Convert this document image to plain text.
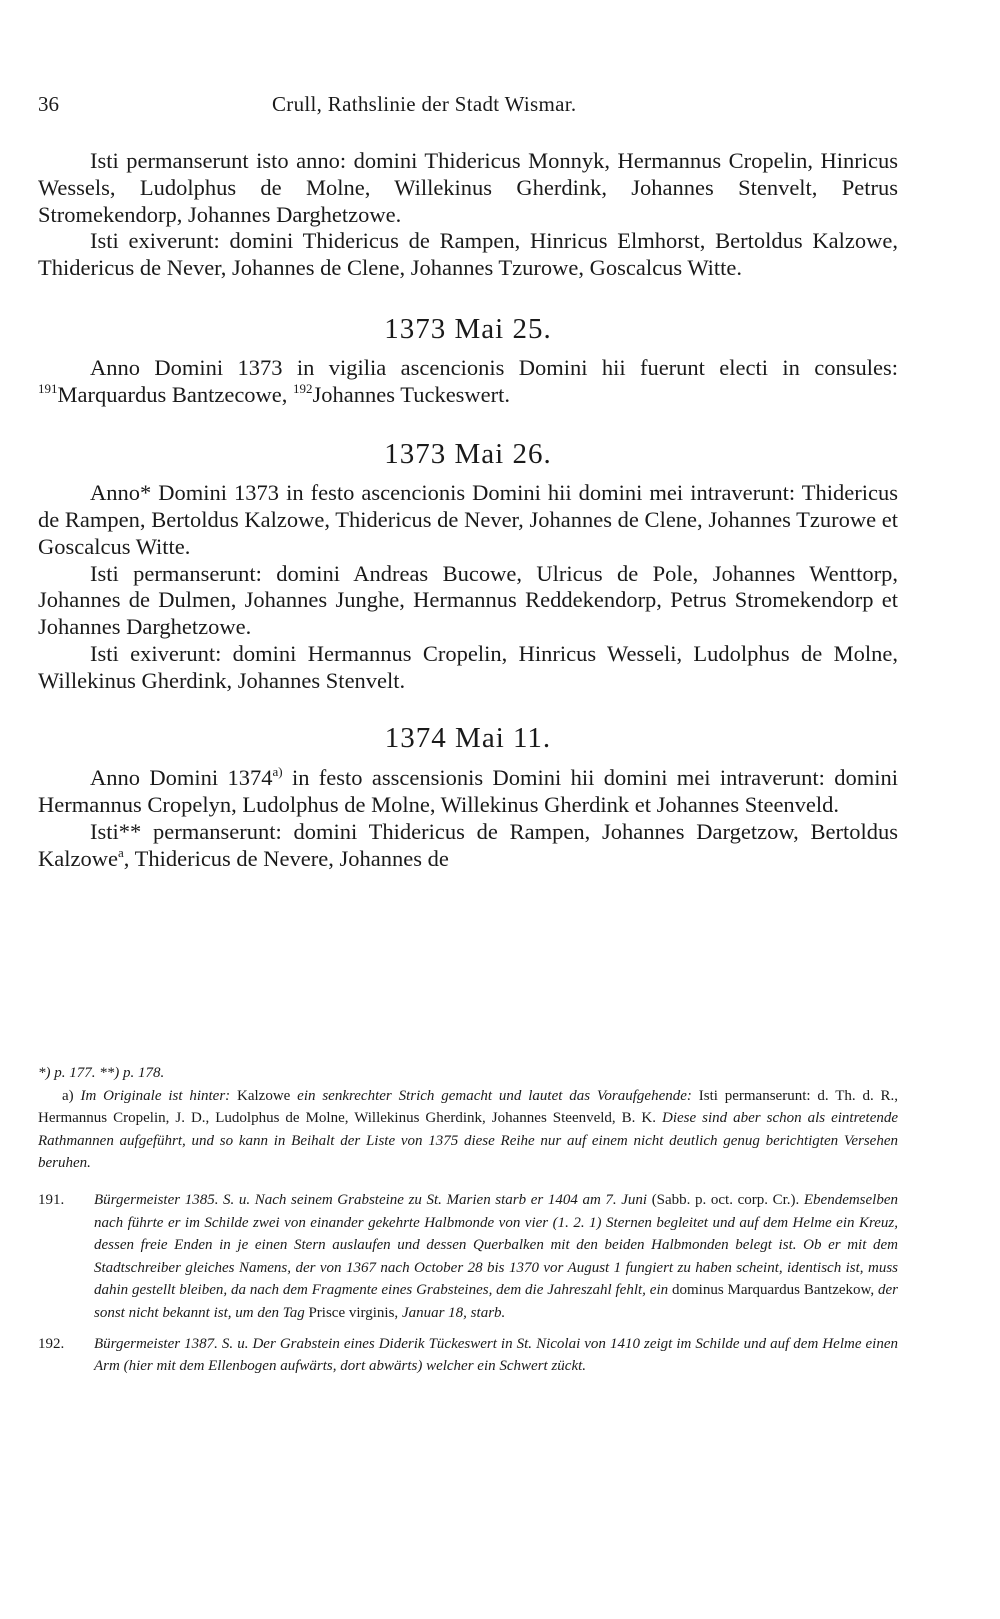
36	Crull, Rathslinie der Stadt Wismar.

Isti permanserunt isto anno: domini Thidericus Monnyk, Hermannus Cropelin, Hinricus Wessels, Ludolphus de Molne, Willekinus Gherdink, Johannes Stenvelt, Petrus Stromekendorp, Johannes Darghetzowe.

Isti exiverunt: domini Thidericus de Rampen, Hinricus Elmhorst, Bertoldus Kalzowe, Thidericus de Never, Johannes de Clene, Johannes Tzurowe, Goscalcus Witte.

1373 Mai 25.

Anno Domini 1373 in vigilia ascencionis Domini hii fuerunt electi in consules: $^{191}$Marquardus Bantzecowe, $^{192}$Johannes Tuckeswert.

1373 Mai 26.

Anno* Domini 1373 in festo ascencionis Domini hii domini mei intraverunt: Thidericus de Rampen, Bertoldus Kalzowe, Thidericus de Never, Johannes de Clene, Johannes Tzurowe et Goscalcus Witte.

Isti permanserunt: domini Andreas Bucowe, Ulricus de Pole, Johannes Wenttorp, Johannes de Dulmen, Johannes Junghe, Hermannus Reddekendorp, Petrus Stromekendorp et Johannes Darghetzowe.

Isti exiverunt: domini Hermannus Cropelin, Hinricus Wesseli, Ludolphus de Molne, Willekinus Gherdink, Johannes Stenvelt.

1374 Mai 11.

Anno Domini 1374$^{a)}$ in festo asscensionis Domini hii domini mei intraverunt: domini Hermannus Cropelyn, Ludolphus de Molne, Willekinus Gherdink et Johannes Steenveld.

Isti** permanserunt: domini Thidericus de Rampen, Johannes Dargetzow, Bertoldus Kalzowe$^a$, Thidericus de Nevere, Johannes de

*) p. 177. **) p. 178.

a) Im Originale ist hinter: Kalzowe ein senkrechter Strich gemacht und lautet das Voraufgehende: Isti permanserunt: d. Th. d. R., Hermannus Cropelin, J. D., Ludolphus de Molne, Willekinus Gherdink, Johannes Steenveld, B. K. Diese sind aber schon als eintretende Rathmannen aufgeführt, und so kann in Beihalt der Liste von 1375 diese Reihe nur auf einem nicht deutlich genug berichtigten Versehen beruhen.

191. Bürgermeister 1385. S. u. Nach seinem Grabsteine zu St. Marien starb er 1404 am 7. Juni (Sabb. p. oct. corp. Cr.). Ebendemselben nach führte er im Schilde zwei von einander gekehrte Halbmonde von vier (1. 2. 1) Sternen begleitet und auf dem Helme ein Kreuz, dessen freie Enden in je einen Stern auslaufen und dessen Querbalken mit den beiden Halbmonden belegt ist. Ob er mit dem Stadtschreiber gleiches Namens, der von 1367 nach October 28 bis 1370 vor August 1 fungiert zu haben scheint, identisch ist, muss dahin gestellt bleiben, da nach dem Fragmente eines Grabsteines, dem die Jahreszahl fehlt, ein dominus Marquardus Bantzekow, der sonst nicht bekannt ist, um den Tag Prisce virginis, Januar 18, starb.

192. Bürgermeister 1387. S. u. Der Grabstein eines Diderik Tückeswert in St. Nicolai von 1410 zeigt im Schilde und auf dem Helme einen Arm (hier mit dem Ellenbogen aufwärts, dort abwärts) welcher ein Schwert zückt.
